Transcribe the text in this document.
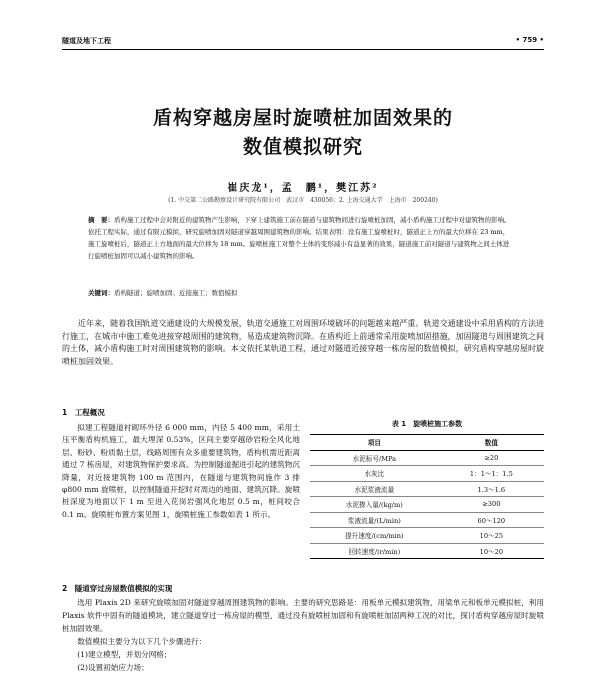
隧道及地下工程	• 759 •
盾构穿越房屋时旋喷桩加固效果的
数值模拟研究
崔庆龙¹，孟　鹏¹，樊江苏²
(1. 中交第二公路勘察设计研究院有限公司　武汉市　430056；2. 上海交通大学　上海市　200240)
摘　要：盾构施工过程中会对附近的建筑物产生影响，下穿上建筑施工前在隧道与建筑物间进行旋喷桩加固，减小盾构施工过程中对建筑物的影响。依托工程实际，通过有限元模拟，研究旋喷加固对隧道穿越周围建筑物的影响。结果表明：没有施工旋喷桩时，隧道正上方的最大位移在 23 mm，施工旋喷桩后，隧道正上方地面的最大位移为 18 mm。旋喷桩施工对整个土体的变形减小有益显著的效果，隧道施工前对隧道与建筑物之间土体进行旋喷桩加固可以减小建筑物的影响。
关键词：盾构隧道；旋喷加固；近接施工；数值模拟
近年来，随着我国轨道交通建设的大规模发展，轨道交通施工对周围环境破坏的问题越来越严重。轨道交通建设中采用盾构的方法进行施工，在城市中施工难免进接穿越周围的建筑物，易造成建筑物沉降。在盾构近上前通常采用旋喷加固措施，加固隧道与周围建筑之间的土体，减小盾构施工时对周围建筑物的影响。本文依托某轨道工程，通过对隧道近接穿越一栋房屋的数值模拟，研究盾构穿越房屋时旋喷桩加固效果。
1　工程概况
拟建工程隧道衬砌环外径 6 000 mm，内径 5 400 mm，采用土压平衡盾构机施工，最大埋深 0.53%，区间主要穿越砂岩粉全风化地层、粉砂、粉质黏土层，线路周围有众多重要建筑物，盾构机需近距离通过 7 栋房屋，对建筑物保护要求高。为控制隧道掘进引起的建筑物沉降量，对近接建筑物 100 m 范围内，在隧道与建筑物间施作 3 排 φ800 mm 旋喷桩，以控制隧道开挖时对周边的地面、建筑沉降。旋喷桩深度为地面以下 1 m 至进入花岗岩强风化地层 0.5 m，桩间咬合 0.1 m。旋喷桩布置方案见图 1，旋喷桩施工参数如表 1 所示。
表 1　旋喷桩施工参数
项目	数值
水泥标号/MPa	≥20
水灰比	1：1～1：1.5
水泥浆液流量	1.3～1.6
水泥掺入量/(kg/m)	≥300
浆液流量/(L/min)	60～120
提升速度/(cm/min)	10～25
回转速度/(r/min)	10～20
2　隧道穿过房屋数值模拟的实现

选用 Plaxis 2D 来研究旋喷加固对隧道穿越周围建筑物的影响。主要的研究思路是：用板单元模拟建筑物，用梁单元和板单元模拟桩，利用 Plaxis 软件中固有的隧道模块，建立隧道穿过一栋房屋的模型，通过没有旋喷桩加固和有旋喷桩加固两种工况的对比，探讨盾构穿越房屋时旋喷桩加固效果。

数值模拟主要分为以下几个步骤进行：

(1)建立模型，并划分网格；

(2)设置初始应力场；
